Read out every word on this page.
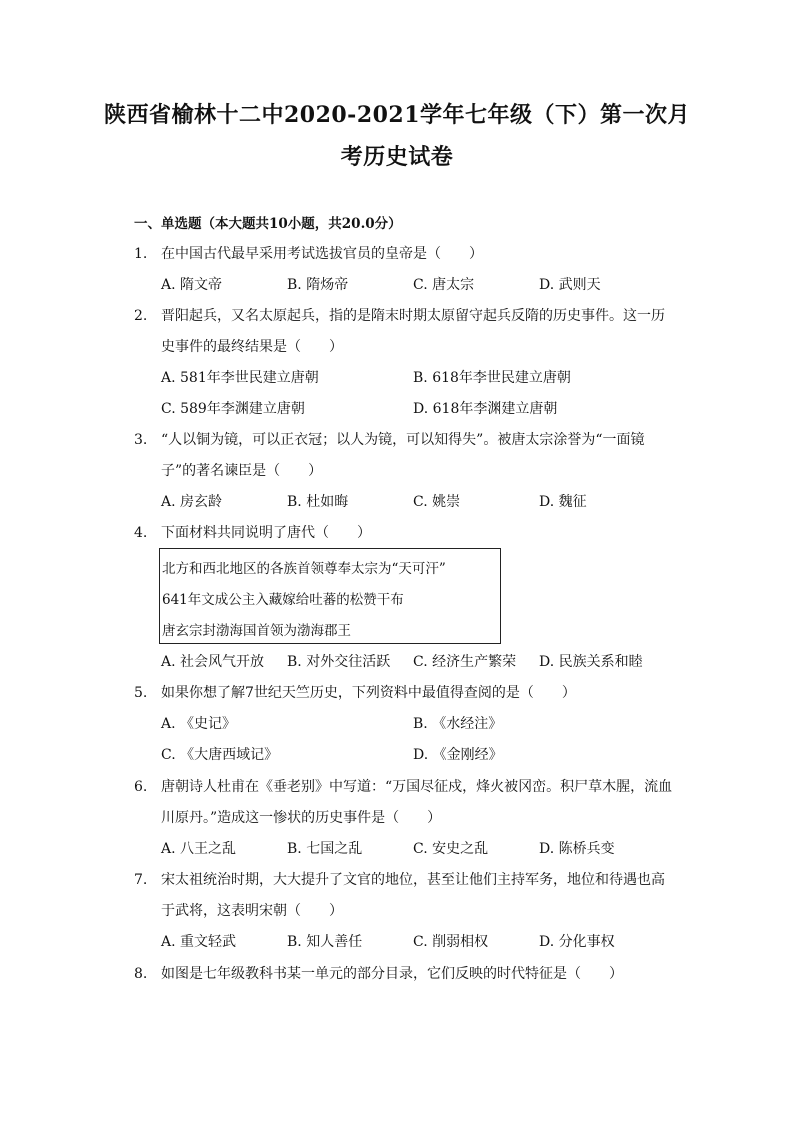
陕西省榆林十二中2020-2021学年七年级（下）第一次月
考历史试卷
一、单选题（本大题共10小题，共20.0分）
1. 在中国古代最早采用考试选拔官员的皇帝是（　　）
A. 隋文帝	B. 隋炀帝	C. 唐太宗	D. 武则天
2. 晋阳起兵，又名太原起兵，指的是隋末时期太原留守起兵反隋的历史事件。这一历史事件的最终结果是（　　）
A. 581年李世民建立唐朝	B. 618年李世民建立唐朝
C. 589年李渊建立唐朝	D. 618年李渊建立唐朝
3. “人以铜为镜，可以正衣冠；以人为镜，可以知得失”。被唐太宗涂誉为“一面镜子”的著名谏臣是（　　）
A. 房玄龄	B. 杜如晦	C. 姚崇	D. 魏征
4. 下面材料共同说明了唐代（　　）
北方和西北地区的各族首领尊奉太宗为“天可汗”
641年文成公主入藏嫁给吐蕃的松赞干布
唐玄宗封渤海国首领为渤海郡王
A. 社会风气开放 B. 对外交往活跃 C. 经济生产繁荣 D. 民族关系和睦
5. 如果你想了解7世纪天竺历史，下列资料中最值得查阅的是（　　）
A. 《史记》	B. 《水经注》
C. 《大唐西域记》	D. 《金刚经》
6. 唐朝诗人杜甫在《垂老别》中写道：“万国尽征戍，烽火被冈峦。积尸草木腥，流血川原丹。”造成这一惨状的历史事件是（　　）
A. 八王之乱	B. 七国之乱	C. 安史之乱	D. 陈桥兵变
7. 宋太祖统治时期，大大提升了文官的地位，甚至让他们主持军务，地位和待遇也高于武将，这表明宋朝（　　）
A. 重文轻武	B. 知人善任	C. 削弱相权	D. 分化事权
8. 如图是七年级教科书某一单元的部分目录，它们反映的时代特征是（　　）
